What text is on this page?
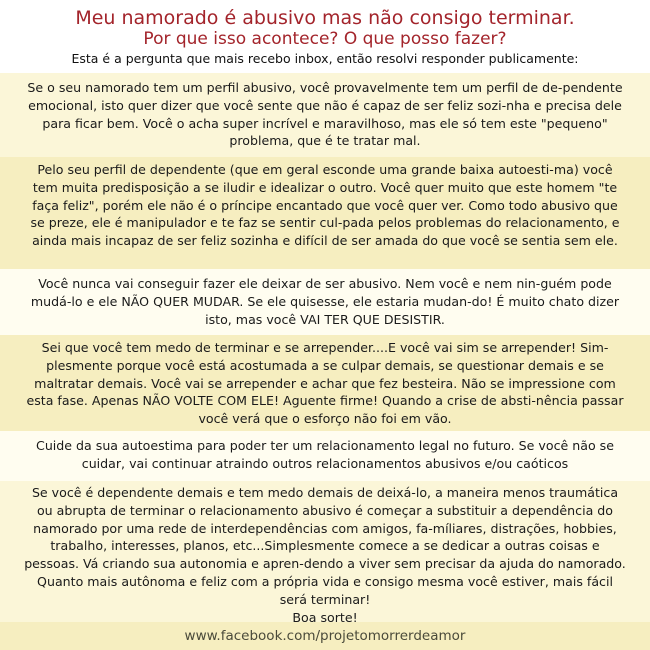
Meu namorado é abusivo mas não consigo terminar.
Por que isso acontece? O que posso fazer?
Esta é a pergunta que mais recebo inbox, então resolvi responder publicamente:

Se o seu namorado tem um perfil abusivo, você provavelmente tem um perfil de de-pendente emocional, isto quer dizer que você sente que não é capaz de ser feliz sozi-nha e precisa dele para ficar bem. Você o acha super incrível e maravilhoso, mas ele só tem este "pequeno" problema, que é te tratar mal.

Pelo seu perfil de dependente (que em geral esconde uma grande baixa autoesti-ma) você tem muita predisposição a se iludir e idealizar o outro. Você quer muito que este homem "te faça feliz", porém ele não é o príncipe encantado que você quer ver. Como todo abusivo que se preze, ele é manipulador e te faz se sentir cul-pada pelos problemas do relacionamento, e ainda mais incapaz de ser feliz sozinha e difícil de ser amada do que você se sentia sem ele.

Você nunca vai conseguir fazer ele deixar de ser abusivo. Nem você e nem nin-guém pode mudá-lo e ele NÃO QUER MUDAR. Se ele quisesse, ele estaria mudan-do! É muito chato dizer isto, mas você VAI TER QUE DESISTIR.

Sei que você tem medo de terminar e se arrepender....E você vai sim se arrepender! Sim-plesmente porque você está acostumada a se culpar demais, se questionar demais e se maltratar demais. Você vai se arrepender e achar que fez besteira. Não se impressione com esta fase. Apenas NÃO VOLTE COM ELE! Aguente firme! Quando a crise de absti-nência passar você verá que o esforço não foi em vão.

Cuide da sua autoestima para poder ter um relacionamento legal no futuro. Se você não se cuidar, vai continuar atraindo outros relacionamentos abusivos e/ou caóticos

Se você é dependente demais e tem medo demais de deixá-lo, a maneira menos traumática ou abrupta de terminar o relacionamento abusivo é começar a substituir a dependência do namorado por uma rede de interdependências com amigos, fa-míliares, distrações, hobbies, trabalho, interesses, planos, etc...Simplesmente comece a se dedicar a outras coisas e pessoas. Vá criando sua autonomia e apren-dendo a viver sem precisar da ajuda do namorado. Quanto mais autônoma e feliz com a própria vida e consigo mesma você estiver, mais fácil será terminar!

Boa sorte!

www.facebook.com/projetomorrerdeamor
